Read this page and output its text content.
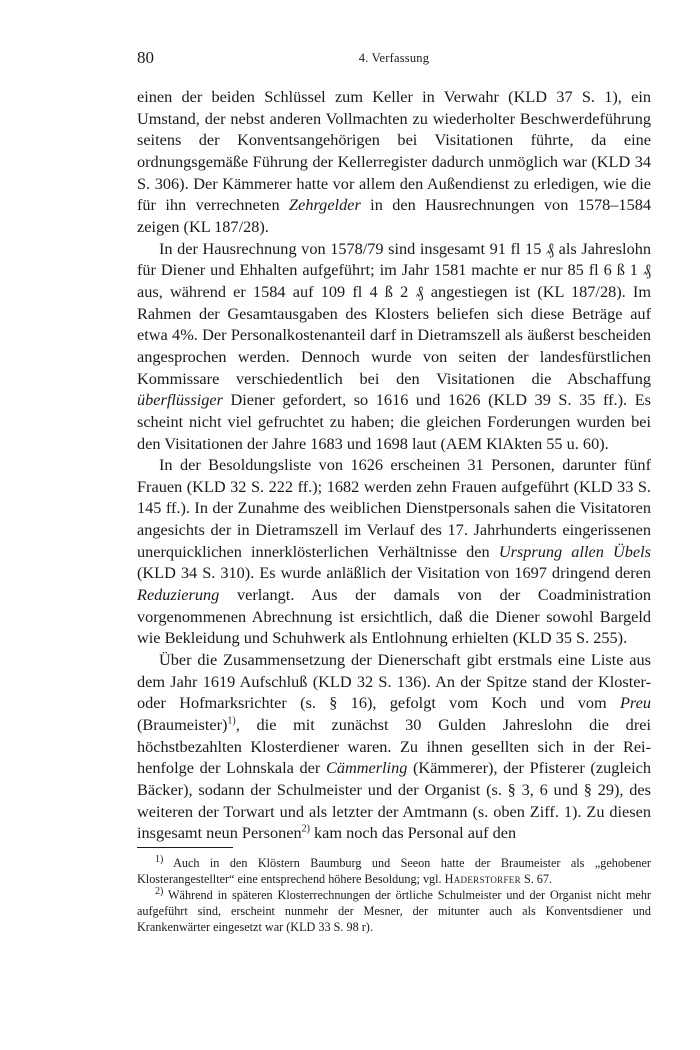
80	4. Verfassung

einen der beiden Schlüssel zum Keller in Verwahr (KLD 37 S. 1), ein Umstand, der nebst anderen Vollmachten zu wiederholter Beschwerdeführung seitens der Konventsangehörigen bei Visitationen führte, da eine ordnungsgemäße Führung der Kellerregister dadurch unmöglich war (KLD 34 S. 306). Der Kämmerer hatte vor allem den Außendienst zu erledigen, wie die für ihn verrechneten Zehrgelder in den Hausrechnungen von 1578–1584 zeigen (KL 187/28).

In der Hausrechnung von 1578/79 sind insgesamt 91 fl 15 ₰ als Jahreslohn für Diener und Ehhalten aufgeführt; im Jahr 1581 machte er nur 85 fl 6 ß 1 ₰ aus, während er 1584 auf 109 fl 4 ß 2 ₰ angestiegen ist (KL 187/28). Im Rahmen der Gesamtausgaben des Klosters beliefen sich diese Beträge auf etwa 4%. Der Personalkostenanteil darf in Dietramszell als äußerst bescheiden angesprochen werden. Dennoch wurde von seiten der landesfürstlichen Kommissare verschiedentlich bei den Visitationen die Abschaffung überflüssiger Diener gefordert, so 1616 und 1626 (KLD 39 S. 35 ff.). Es scheint nicht viel gefruchtet zu haben; die gleichen Forderungen wurden bei den Visitationen der Jahre 1683 und 1698 laut (AEM KlAkten 55 u. 60).

In der Besoldungsliste von 1626 erscheinen 31 Personen, darunter fünf Frauen (KLD 32 S. 222 ff.); 1682 werden zehn Frauen aufgeführt (KLD 33 S. 145 ff.). In der Zunahme des weiblichen Dienstpersonals sahen die Visitatoren angesichts der in Dietramszell im Verlauf des 17. Jahrhunderts eingerissenen unerquicklichen innerklösterlichen Verhältnisse den Ursprung allen Übels (KLD 34 S. 310). Es wurde anläßlich der Visitation von 1697 dringend deren Reduzierung verlangt. Aus der damals von der Coadministration vorgenommenen Abrechnung ist ersichtlich, daß die Diener sowohl Bargeld wie Bekleidung und Schuhwerk als Entlohnung erhielten (KLD 35 S. 255).

Über die Zusammensetzung der Dienerschaft gibt erstmals eine Liste aus dem Jahr 1619 Aufschluß (KLD 32 S. 136). An der Spitze stand der Kloster- oder Hofmarksrichter (s. § 16), gefolgt vom Koch und vom Preu (Braumeister)$^{1)}$, die mit zunächst 30 Gulden Jahreslohn die drei höchstbezahlten Klosterdiener waren. Zu ihnen gesellten sich in der Reihenfolge der Lohnskala der Cämmerling (Kämmerer), der Pfisterer (zugleich Bäcker), sodann der Schulmeister und der Organist (s. § 3, 6 und § 29), des weiteren der Torwart und als letzter der Amtmann (s. oben Ziff. 1). Zu diesen insgesamt neun Personen$^{2)}$ kam noch das Personal auf den

$^{1)}$ Auch in den Klöstern Baumburg und Seeon hatte der Braumeister als „gehobener Klosterangestellter“ eine entsprechend höhere Besoldung; vgl. Haderstorfer S. 67.

$^{2)}$ Während in späteren Klosterrechnungen der örtliche Schulmeister und der Organist nicht mehr aufgeführt sind, erscheint nunmehr der Mesner, der mitunter auch als Konventsdiener und Krankenwärter eingesetzt war (KLD 33 S. 98 r).
